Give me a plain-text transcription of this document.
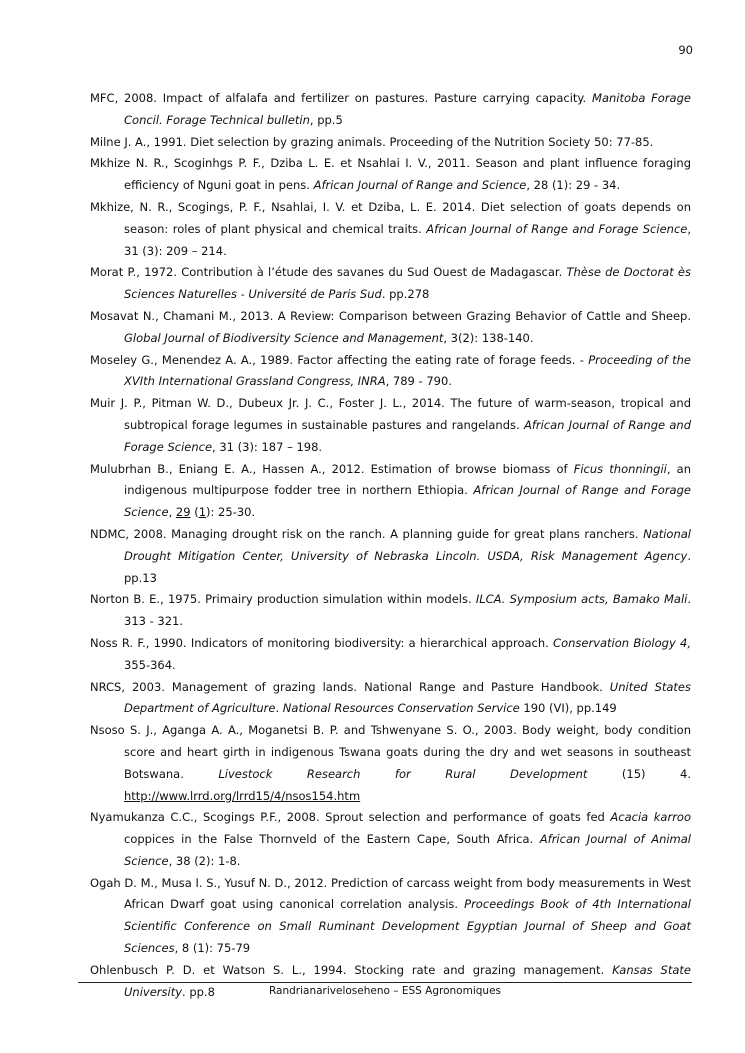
90

MFC, 2008. Impact of alfalafa and fertilizer on pastures. Pasture carrying capacity. Manitoba Forage Concil. Forage Technical bulletin, pp.5

Milne J. A., 1991. Diet selection by grazing animals. Proceeding of the Nutrition Society 50: 77-85.

Mkhize N. R., Scoginhgs P. F., Dziba L. E. et Nsahlai I. V., 2011. Season and plant influence foraging efficiency of Nguni goat in pens. African Journal of Range and Science, 28 (1): 29 - 34.

Mkhize, N. R., Scogings, P. F., Nsahlai, I. V. et Dziba, L. E. 2014. Diet selection of goats depends on season: roles of plant physical and chemical traits. African Journal of Range and Forage Science, 31 (3): 209 – 214.

Morat P., 1972. Contribution à l’étude des savanes du Sud Ouest de Madagascar. Thèse de Doctorat ès Sciences Naturelles - Université de Paris Sud. pp.278

Mosavat N., Chamani M., 2013. A Review: Comparison between Grazing Behavior of Cattle and Sheep. Global Journal of Biodiversity Science and Management, 3(2): 138-140.

Moseley G., Menendez A. A., 1989. Factor affecting the eating rate of forage feeds. - Proceeding of the XVIth International Grassland Congress, INRA, 789 - 790.

Muir J. P., Pitman W. D., Dubeux Jr. J. C., Foster J. L., 2014. The future of warm-season, tropical and subtropical forage legumes in sustainable pastures and rangelands. African Journal of Range and Forage Science, 31 (3): 187 – 198.

Mulubrhan B., Eniang E. A., Hassen A., 2012. Estimation of browse biomass of Ficus thonningii, an indigenous multipurpose fodder tree in northern Ethiopia. African Journal of Range and Forage Science, 29 (1): 25-30.

NDMC, 2008. Managing drought risk on the ranch. A planning guide for great plans ranchers. National Drought Mitigation Center, University of Nebraska Lincoln. USDA, Risk Management Agency. pp.13

Norton B. E., 1975. Primairy production simulation within models. ILCA. Symposium acts, Bamako Mali. 313 - 321.

Noss R. F., 1990. Indicators of monitoring biodiversity: a hierarchical approach. Conservation Biology 4, 355-364.

NRCS, 2003. Management of grazing lands. National Range and Pasture Handbook. United States Department of Agriculture. National Resources Conservation Service 190 (VI), pp.149

Nsoso S. J., Aganga A. A., Moganetsi B. P. and Tshwenyane S. O., 2003. Body weight, body condition score and heart girth in indigenous Tswana goats during the dry and wet seasons in southeast Botswana. Livestock Research for Rural Development (15) 4. http://www.lrrd.org/lrrd15/4/nsos154.htm

Nyamukanza C.C., Scogings P.F., 2008. Sprout selection and performance of goats fed Acacia karroo coppices in the False Thornveld of the Eastern Cape, South Africa. African Journal of Animal Science, 38 (2): 1-8.

Ogah D. M., Musa I. S., Yusuf N. D., 2012. Prediction of carcass weight from body measurements in West African Dwarf goat using canonical correlation analysis. Proceedings Book of 4th International Scientific Conference on Small Ruminant Development Egyptian Journal of Sheep and Goat Sciences, 8 (1): 75-79

Ohlenbusch P. D. et Watson S. L., 1994. Stocking rate and grazing management. Kansas State University. pp.8	Randrianariveloseheno – ESS Agronomiques
